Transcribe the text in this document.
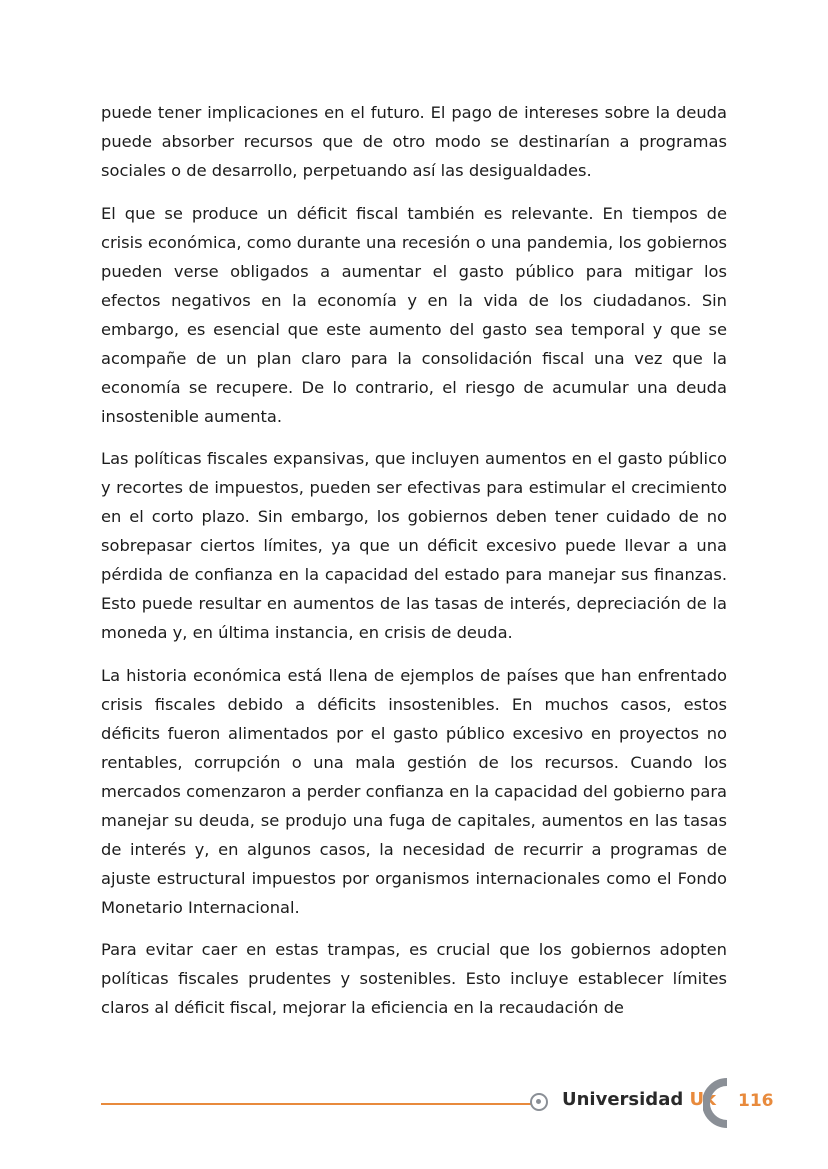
puede tener implicaciones en el futuro. El pago de intereses sobre la deuda puede absorber recursos que de otro modo se destinarían a programas sociales o de desarrollo, perpetuando así las desigualdades.

El que se produce un déficit fiscal también es relevante. En tiempos de crisis económica, como durante una recesión o una pandemia, los gobiernos pueden verse obligados a aumentar el gasto público para mitigar los efectos negativos en la economía y en la vida de los ciudadanos. Sin embargo, es esencial que este aumento del gasto sea temporal y que se acompañe de un plan claro para la consolidación fiscal una vez que la economía se recupere. De lo contrario, el riesgo de acumular una deuda insostenible aumenta.

Las políticas fiscales expansivas, que incluyen aumentos en el gasto público y recortes de impuestos, pueden ser efectivas para estimular el crecimiento en el corto plazo. Sin embargo, los gobiernos deben tener cuidado de no sobrepasar ciertos límites, ya que un déficit excesivo puede llevar a una pérdida de confianza en la capacidad del estado para manejar sus finanzas. Esto puede resultar en aumentos de las tasas de interés, depreciación de la moneda y, en última instancia, en crisis de deuda.

La historia económica está llena de ejemplos de países que han enfrentado crisis fiscales debido a déficits insostenibles. En muchos casos, estos déficits fueron alimentados por el gasto público excesivo en proyectos no rentables, corrupción o una mala gestión de los recursos. Cuando los mercados comenzaron a perder confianza en la capacidad del gobierno para manejar su deuda, se produjo una fuga de capitales, aumentos en las tasas de interés y, en algunos casos, la necesidad de recurrir a programas de ajuste estructural impuestos por organismos internacionales como el Fondo Monetario Internacional.

Para evitar caer en estas trampas, es crucial que los gobiernos adopten políticas fiscales prudentes y sostenibles. Esto incluye establecer límites claros al déficit fiscal, mejorar la eficiencia en la recaudación de

Universidad Uk 116
